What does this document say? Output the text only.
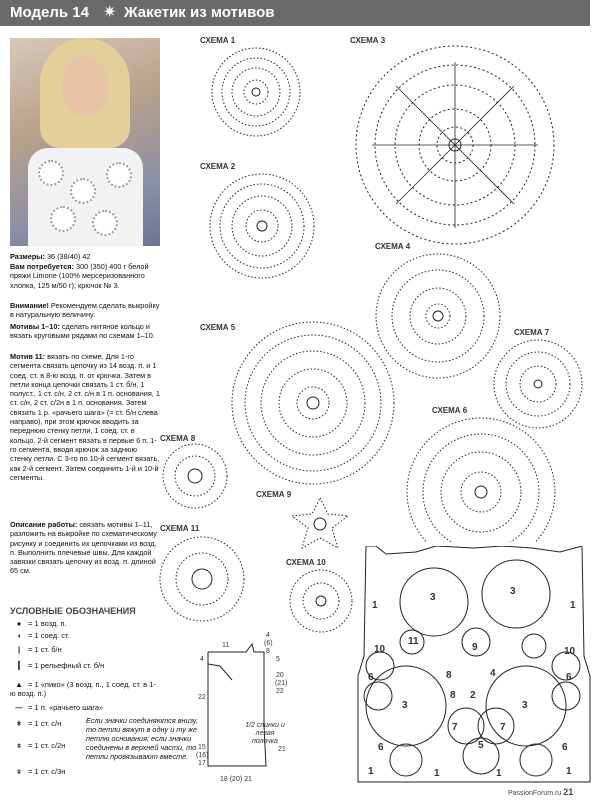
Модель 14 ✷ Жакетик из мотивов
Размеры: 36 (38/40) 42
Вам потребуется: 300 (350) 400 г белой пряжи Limone (100% мерсеризованного хлопка, 125 м/50 г); крючок № 3.
Внимание! Рекомендуем сделать выкройку в натуральную величину.
Мотивы 1–10: сделать нитяное кольцо и вязать круговыми рядами по схемам 1–10.
Мотив 11: вязать по схеме. Для 1-го сегмента связать цепочку из 14 возд. п. и 1 соед. ст. в 8-ю возд. п. от крючка. Затем в петли конца цепочки связать 1 ст. б/н, 1 полуст., 1 ст. с/н, 2 ст. с/н в 1 п. основания, 1 ст. с/н, 2 ст. с/2н в 1 п. основания. Затем связать 1 р. «рачьего шага» (= ст. б/н слева направо), при этом крючок вводить за переднюю стенку петли, 1 соед. ст. в кольцо. 2-й сегмент вязать в первые 6 п. 1-го сегмента, вводя крючок за заднюю стенку петли. С 3-го по 10-й сегмент вязать, как 2-й сегмент. Затем соединить 1-й и 10-й сегменты.
Описание работы: связать мотивы 1–11, разложить на выкройке по схематическому рисунку и соединить их цепочками из возд. п. Выполнить плечевые швы. Для каждой завязки связать цепочку из возд. п. длиной 65 см.
УСЛОВНЫЕ ОБОЗНАЧЕНИЯ
● = 1 возд. п.
◖ = 1 соед. ст.
| = 1 ст. б/н
┃ = 1 рельефный ст. б/н
▲ = 1 «пико» (3 возд. п., 1 соед. ст. в 1-ю возд. п.)
— = 1 п. «рачьего шага»
ǂ = 1 ст. с/н
⧧ = 1 ст. с/2н
⧧ = 1 ст. с/3н
Если значки соединяются внизу, то петли вяжут в одну и ту же петлю основания; если значки соединены в верхней части, то петли провязывают вместе.
СХЕМА 1
СХЕМА 2
СХЕМА 3
СХЕМА 4
СХЕМА 5
СХЕМА 6
СХЕМА 7
СХЕМА 8
СХЕМА 9
СХЕМА 10
СХЕМА 11
1/2 спинки и левая полочка
11
4
(6)
8
5
20
(21)
22
4
22
15
(16)
17
21
18 (20) 21
3
3
1	1
10
11
9	10
6	6
8
2
4
8
3	3
6	6
7
5
7
1	1	1	1
PassionForum.ru 21
